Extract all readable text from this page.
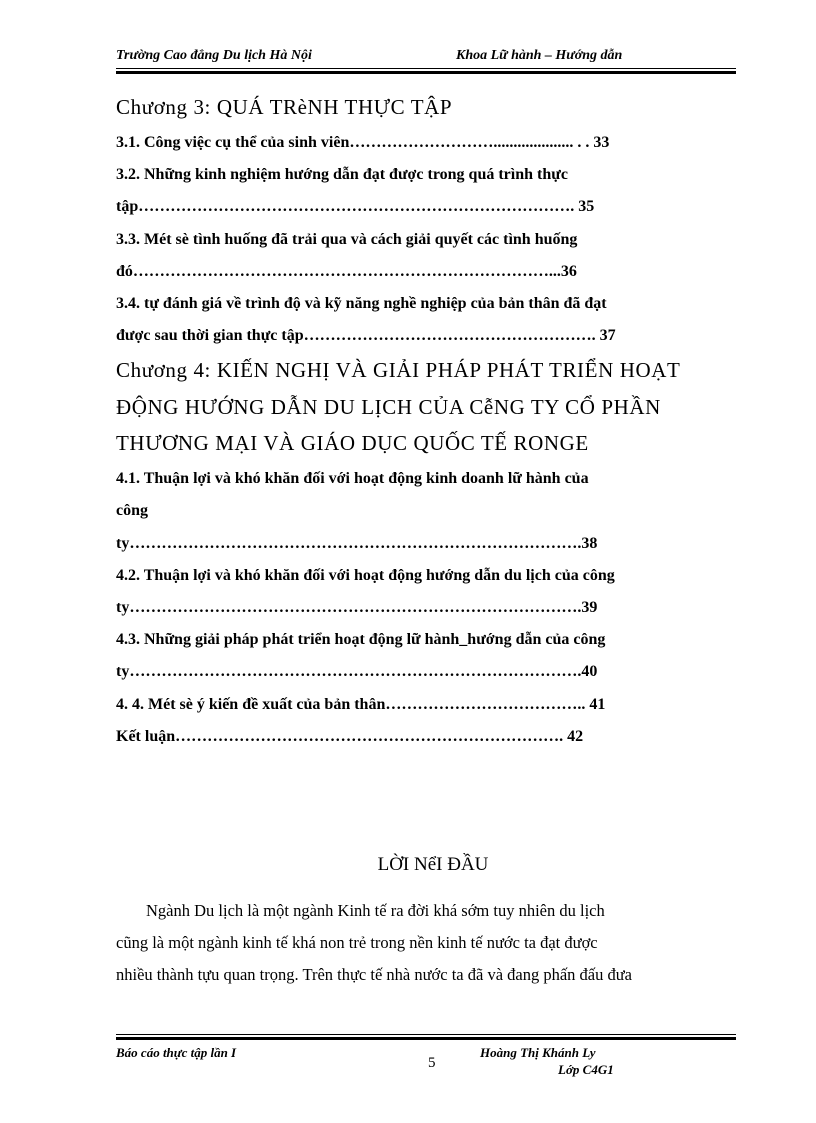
Trường Cao đẳng Du lịch Hà Nội	Khoa Lữ hành – Hướng dẫn
Chương 3: QUÁ TRèNH THỰC TẬP
3.1. Công việc cụ thể của sinh viên……………………….................... . . 33
3.2. Những kinh nghiệm hướng dẫn đạt được trong quá trình thực
tập………………………………………………………………………. 35
3.3. Mét sè tình huống đã trải qua và cách giải quyết các tình huống
đó……………………………………………………………………...36
3.4. tự đánh giá về trình độ và kỹ năng nghề nghiệp của bản thân đã đạt
được sau thời gian thực tập………………………………………………. 37
Chương 4: KIẾN NGHỊ VÀ GIẢI PHÁP PHÁT TRIỂN HOẠT
ĐỘNG HƯỚNG DẪN DU LỊCH CỦA CễNG TY CỔ PHẦN
THƯƠNG MẠI VÀ GIÁO DỤC QUỐC TẾ RONGE
4.1. Thuận lợi và khó khăn đối với hoạt động kinh doanh lữ hành của
công
ty………………………………………………………………………….38
4.2. Thuận lợi và khó khăn đối với hoạt động hướng dẫn du lịch của công
ty………………………………………………………………………….39
4.3. Những giải pháp phát triển hoạt động lữ hành_hướng dẫn của công
ty………………………………………………………………………….40
4. 4. Mét sè ý kiến đề xuất của bản thân……………………………….. 41
Kết luận………………………………………………………………. 42
LỜI NểI ĐẦU
Ngành Du lịch là một ngành Kinh tế ra đời khá sớm tuy nhiên du lịch
cũng là một ngành kinh tế khá non trẻ trong nền kinh tế nước ta đạt được
nhiều thành tựu quan trọng. Trên thực tế nhà nước ta đã và đang phấn đấu đưa
Báo cáo thực tập lần I
5
Hoàng Thị Khánh Ly
Lớp C4G1
